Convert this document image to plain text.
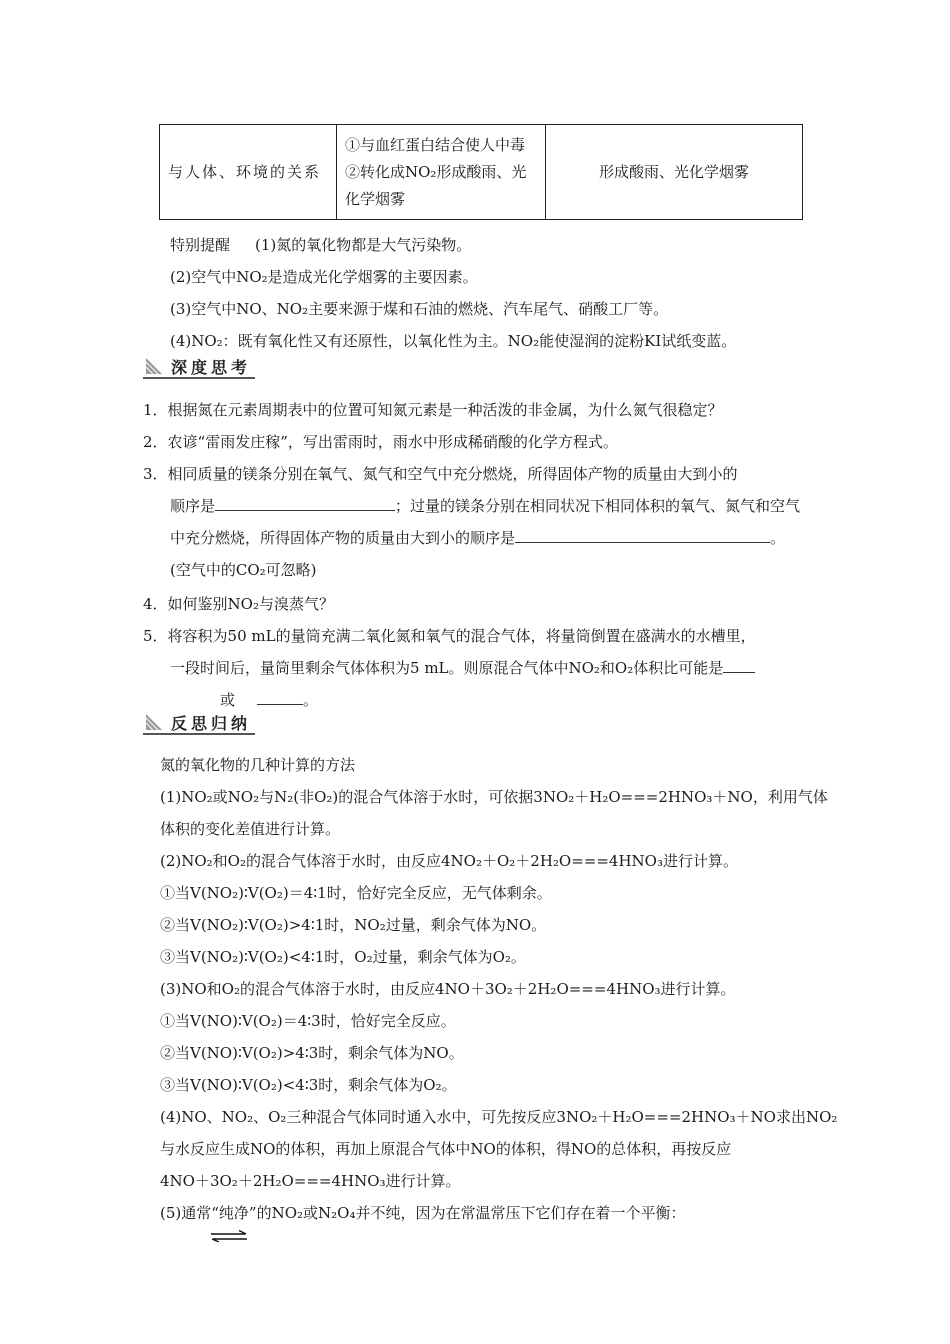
与人体、环境的关系	①与血红蛋白结合使人中毒②转化成NO₂形成酸雨、光化学烟雾	形成酸雨、光化学烟雾
特别提醒 (1)氮的氧化物都是大气污染物。
(2)空气中NO₂是造成光化学烟雾的主要因素。
(3)空气中NO、NO₂主要来源于煤和石油的燃烧、汽车尾气、硝酸工厂等。
(4)NO₂：既有氧化性又有还原性，以氧化性为主。NO₂能使湿润的淀粉KI试纸变蓝。
深度思考
1．根据氮在元素周期表中的位置可知氮元素是一种活泼的非金属，为什么氮气很稳定？
2．农谚“雷雨发庄稼”，写出雷雨时，雨水中形成稀硝酸的化学方程式。
3．相同质量的镁条分别在氧气、氮气和空气中充分燃烧，所得固体产物的质量由大到小的
顺序是	；过量的镁条分别在相同状况下相同体积的氧气、氮气和空气
中充分燃烧，所得固体产物的质量由大到小的顺序是	。
(空气中的CO₂可忽略)
4．如何鉴别NO₂与溴蒸气？
5．将容积为50 mL的量筒充满二氧化氮和氧气的混合气体，将量筒倒置在盛满水的水槽里，
一段时间后，量筒里剩余气体体积为5 mL。则原混合气体中NO₂和O₂体积比可能是
或	。
反思归纳
氮的氧化物的几种计算的方法
(1)NO₂或NO₂与N₂(非O₂)的混合气体溶于水时，可依据3NO₂＋H₂O===2HNO₃＋NO，利用气体
体积的变化差值进行计算。
(2)NO₂和O₂的混合气体溶于水时，由反应4NO₂＋O₂＋2H₂O===4HNO₃进行计算。
①当V(NO₂)∶V(O₂)＝4∶1时，恰好完全反应，无气体剩余。
②当V(NO₂)∶V(O₂)>4∶1时，NO₂过量，剩余气体为NO。
③当V(NO₂)∶V(O₂)<4∶1时，O₂过量，剩余气体为O₂。
(3)NO和O₂的混合气体溶于水时，由反应4NO＋3O₂＋2H₂O===4HNO₃进行计算。
①当V(NO)∶V(O₂)＝4∶3时，恰好完全反应。
②当V(NO)∶V(O₂)>4∶3时，剩余气体为NO。
③当V(NO)∶V(O₂)<4∶3时，剩余气体为O₂。
(4)NO、NO₂、O₂三种混合气体同时通入水中，可先按反应3NO₂＋H₂O===2HNO₃＋NO求出NO₂
与水反应生成NO的体积，再加上原混合气体中NO的体积，得NO的总体积，再按反应
4NO＋3O₂＋2H₂O===4HNO₃进行计算。
(5)通常“纯净”的NO₂或N₂O₄并不纯，因为在常温常压下它们存在着一个平衡：
